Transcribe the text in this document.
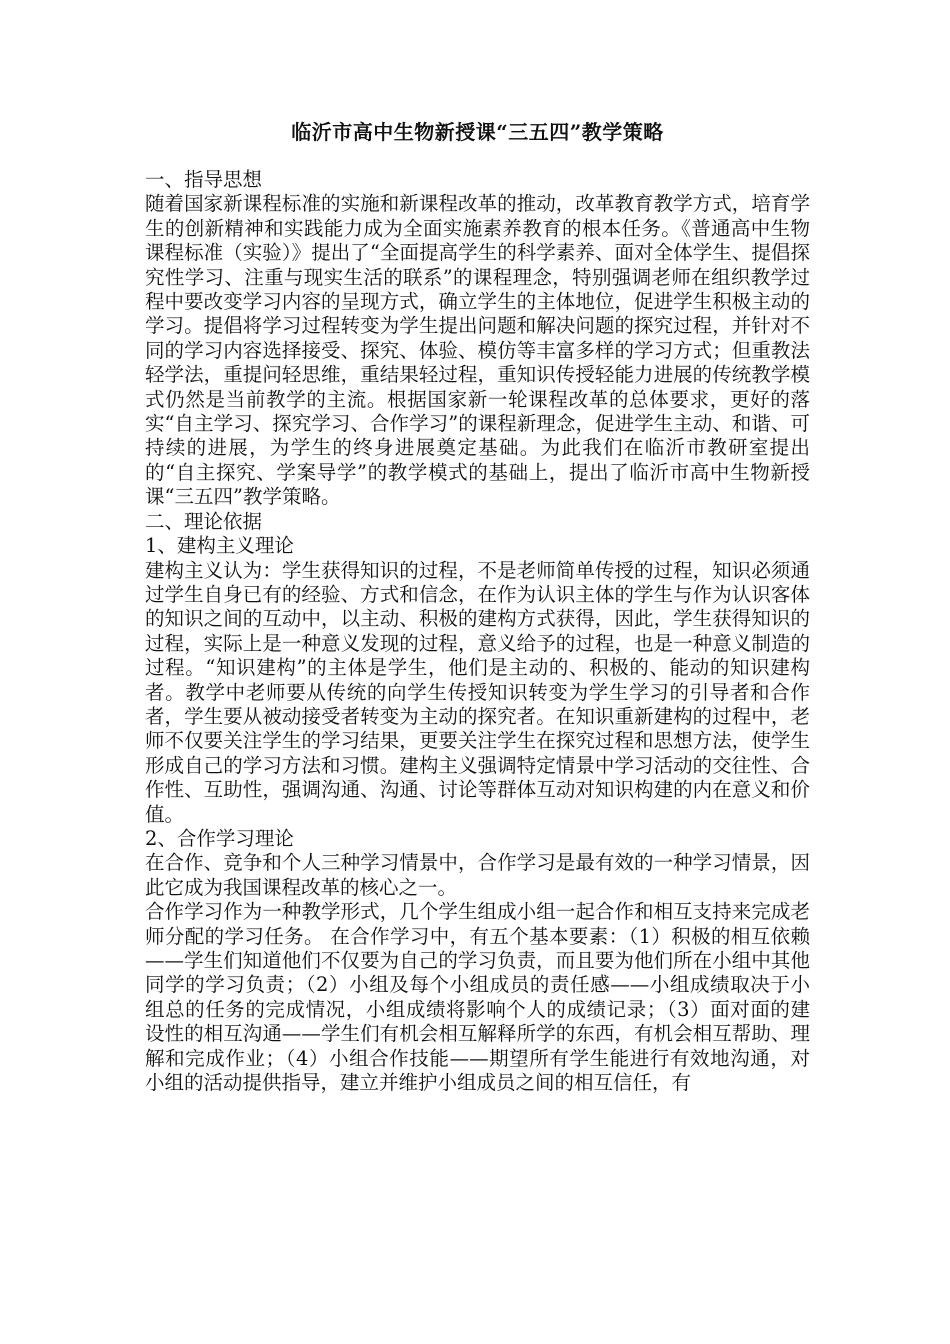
临沂市高中生物新授课“三五四”教学策略

一、指导思想

随着国家新课程标准的实施和新课程改革的推动，改革教育教学方式，培育学生的创新精神和实践能力成为全面实施素养教育的根本任务。《普通高中生物课程标准（实验）》提出了“全面提高学生的科学素养、面对全体学生、提倡探究性学习、注重与现实生活的联系”的课程理念，特别强调老师在组织教学过程中要改变学习内容的呈现方式，确立学生的主体地位，促进学生积极主动的学习。提倡将学习过程转变为学生提出问题和解决问题的探究过程，并针对不同的学习内容选择接受、探究、体验、模仿等丰富多样的学习方式；但重教法轻学法，重提问轻思维，重结果轻过程，重知识传授轻能力进展的传统教学模式仍然是当前教学的主流。根据国家新一轮课程改革的总体要求，更好的落实“自主学习、探究学习、合作学习”的课程新理念，促进学生主动、和谐、可持续的进展，为学生的终身进展奠定基础。为此我们在临沂市教研室提出的“自主探究、学案导学”的教学模式的基础上，提出了临沂市高中生物新授课“三五四”教学策略。

二、理论依据

1、建构主义理论

建构主义认为：学生获得知识的过程，不是老师简单传授的过程，知识必须通过学生自身已有的经验、方式和信念，在作为认识主体的学生与作为认识客体的知识之间的互动中，以主动、积极的建构方式获得，因此，学生获得知识的过程，实际上是一种意义发现的过程，意义给予的过程，也是一种意义制造的过程。“知识建构”的主体是学生，他们是主动的、积极的、能动的知识建构者。教学中老师要从传统的向学生传授知识转变为学生学习的引导者和合作者，学生要从被动接受者转变为主动的探究者。在知识重新建构的过程中，老师不仅要关注学生的学习结果，更要关注学生在探究过程和思想方法，使学生形成自己的学习方法和习惯。建构主义强调特定情景中学习活动的交往性、合作性、互助性，强调沟通、沟通、讨论等群体互动对知识构建的内在意义和价值。

2、合作学习理论

在合作、竞争和个人三种学习情景中，合作学习是最有效的一种学习情景，因此它成为我国课程改革的核心之一。

合作学习作为一种教学形式，几个学生组成小组一起合作和相互支持来完成老师分配的学习任务。 在合作学习中，有五个基本要素：（1）积极的相互依赖——学生们知道他们不仅要为自己的学习负责，而且要为他们所在小组中其他同学的学习负责；（2）小组及每个小组成员的责任感——小组成绩取决于小组总的任务的完成情况，小组成绩将影响个人的成绩记录；（3）面对面的建设性的相互沟通——学生们有机会相互解释所学的东西，有机会相互帮助、理解和完成作业；（4）小组合作技能——期望所有学生能进行有效地沟通，对小组的活动提供指导，建立并维护小组成员之间的相互信任，有
